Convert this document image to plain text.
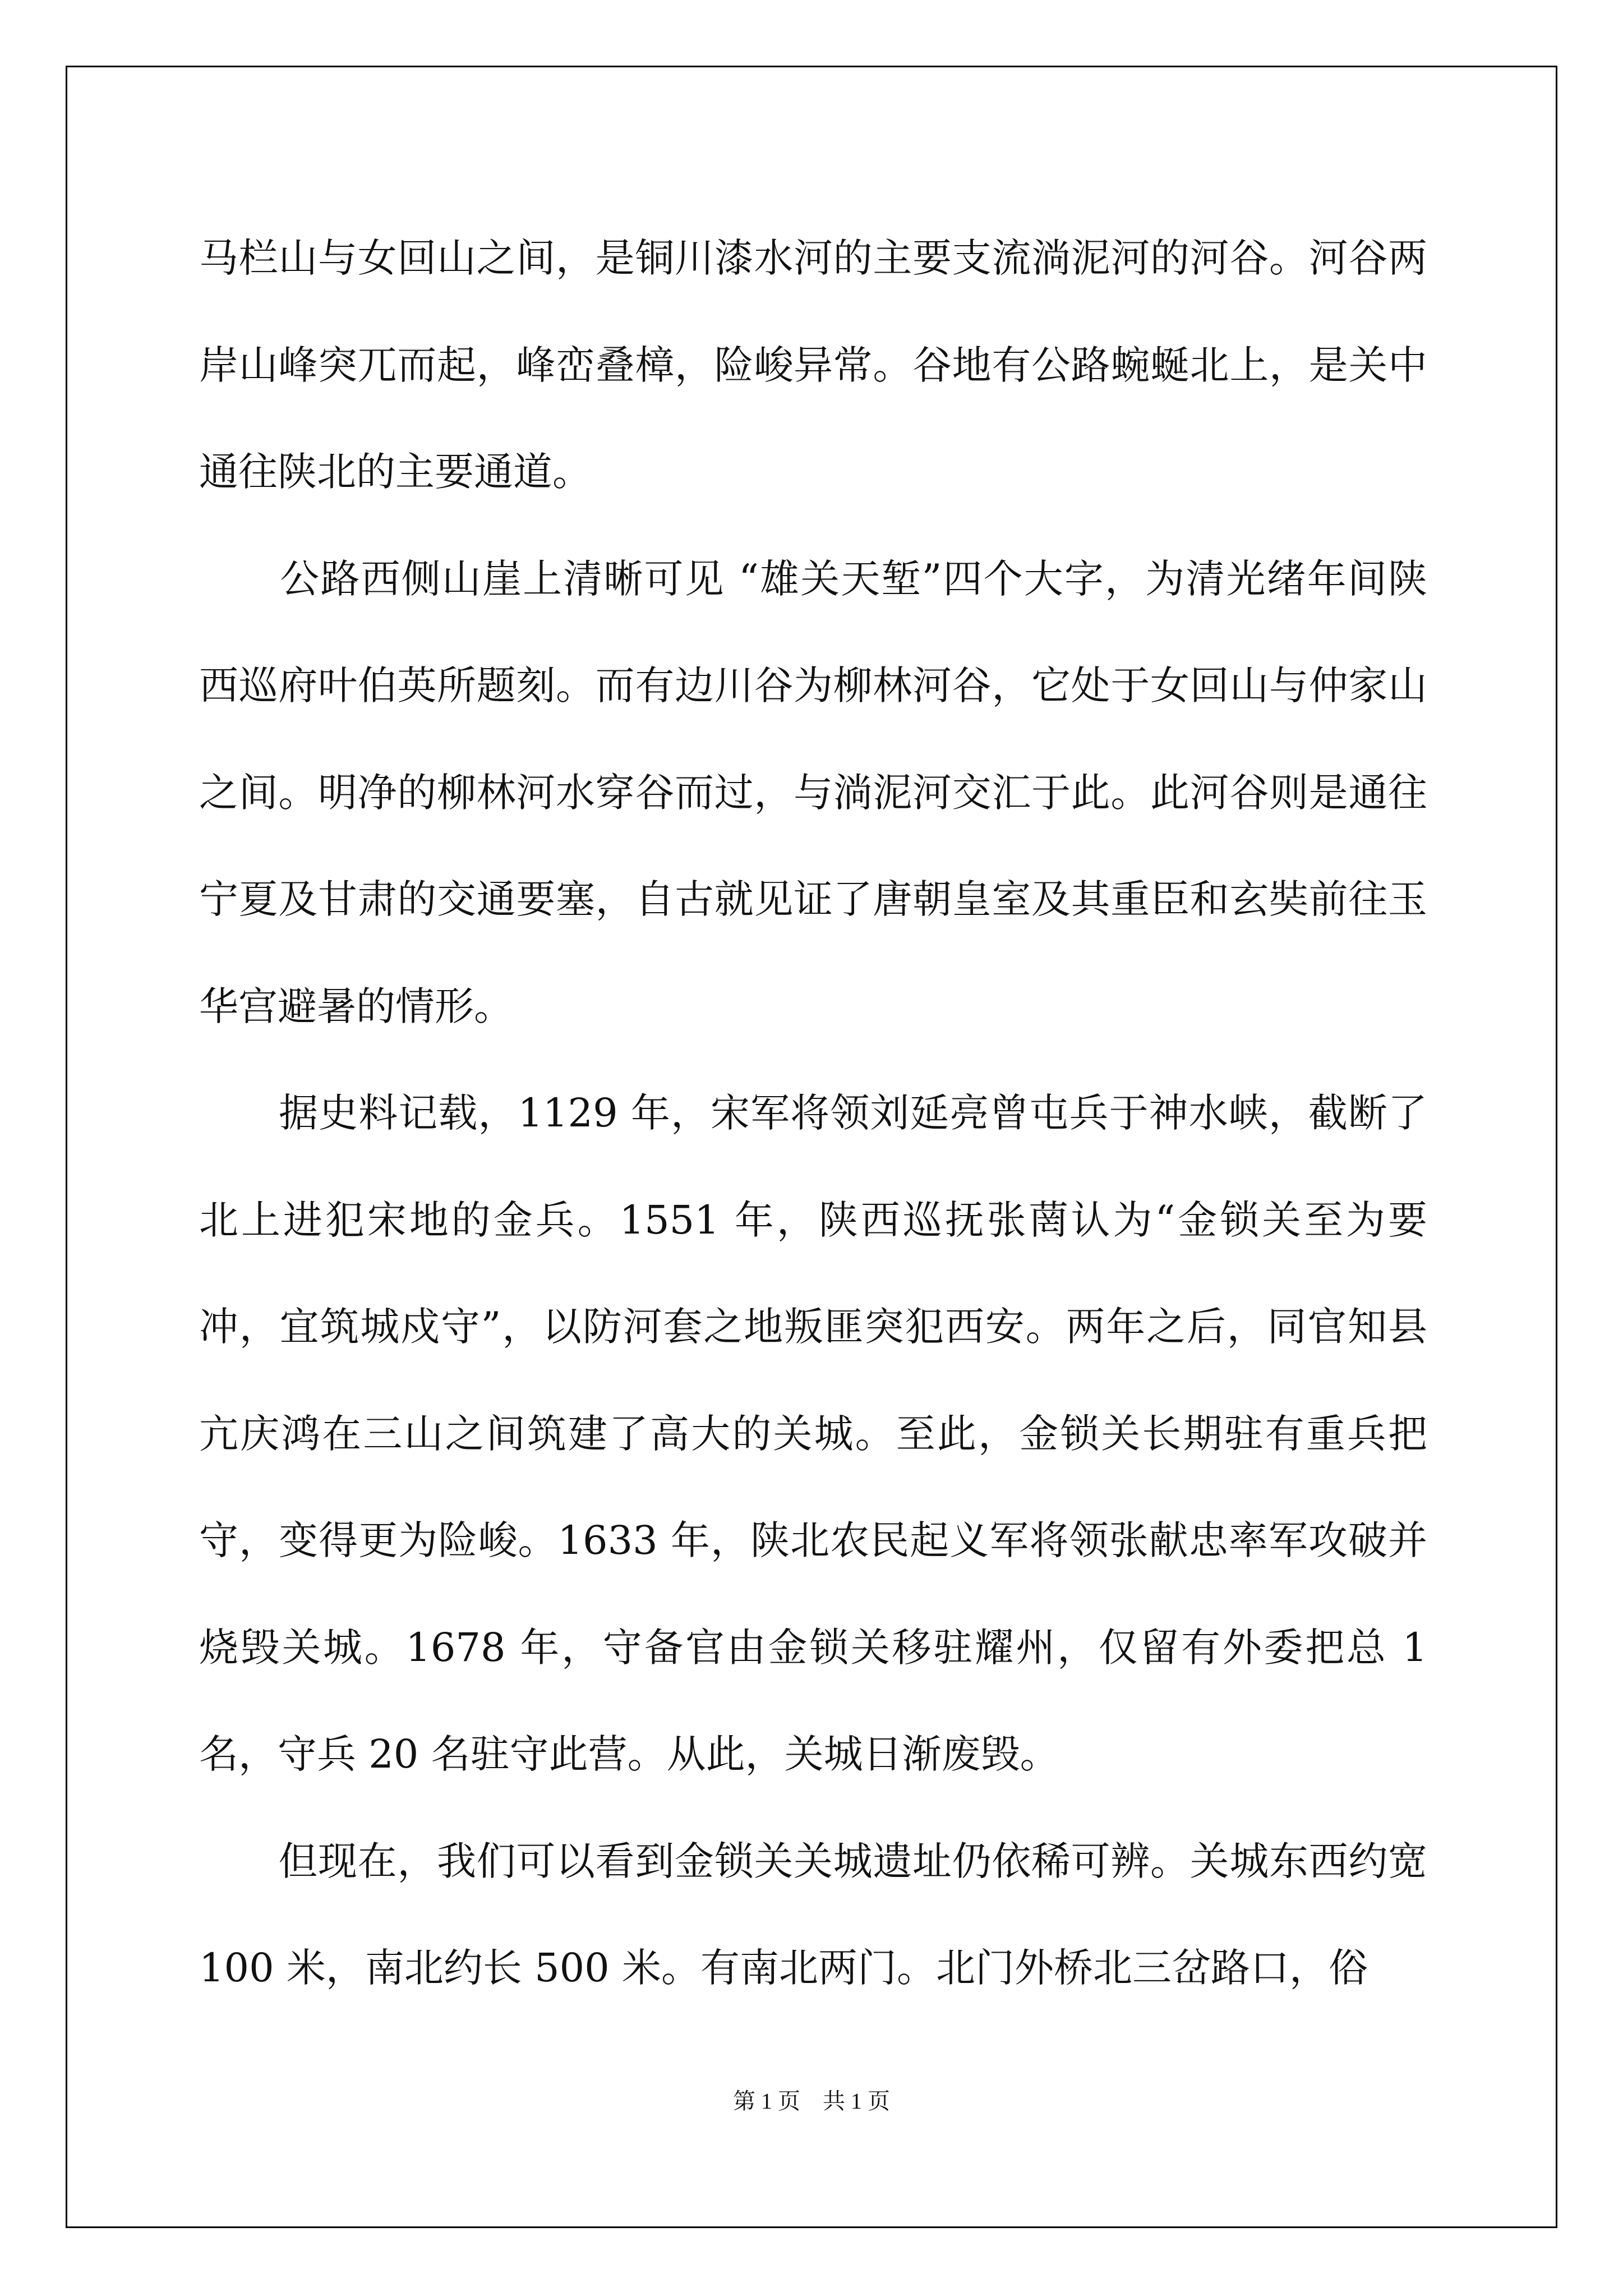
马栏山与女回山之间，是铜川漆水河的主要支流淌泥河的河谷。河谷两岸山峰突兀而起，峰峦叠樟，险峻异常。谷地有公路蜿蜒北上，是关中通往陕北的主要通道。

　　公路西侧山崖上清晰可见 “雄关天堑”四个大字，为清光绪年间陕西巡府叶伯英所题刻。而有边川谷为柳林河谷，它处于女回山与仲家山之间。明净的柳林河水穿谷而过，与淌泥河交汇于此。此河谷则是通往宁夏及甘肃的交通要塞，自古就见证了唐朝皇室及其重臣和玄奘前往玉华宫避暑的情形。

　　据史料记载，1129 年，宋军将领刘延亮曾屯兵于神水峡，截断了北上进犯宋地的金兵。1551 年，陕西巡抚张菵认为“金锁关至为要冲，宜筑城戍守”，以防河套之地叛匪突犯西安。两年之后，同官知县亢庆鸿在三山之间筑建了高大的关城。至此，金锁关长期驻有重兵把守，变得更为险峻。1633 年，陕北农民起义军将领张献忠率军攻破并烧毁关城。1678 年，守备官由金锁关移驻耀州，仅留有外委把总 1 名，守兵 20 名驻守此营。从此，关城日渐废毁。

　　但现在，我们可以看到金锁关关城遗址仍依稀可辨。关城东西约宽 100 米，南北约长 500 米。有南北两门。北门外桥北三岔路口，俗

第 1 页　共 1 页
